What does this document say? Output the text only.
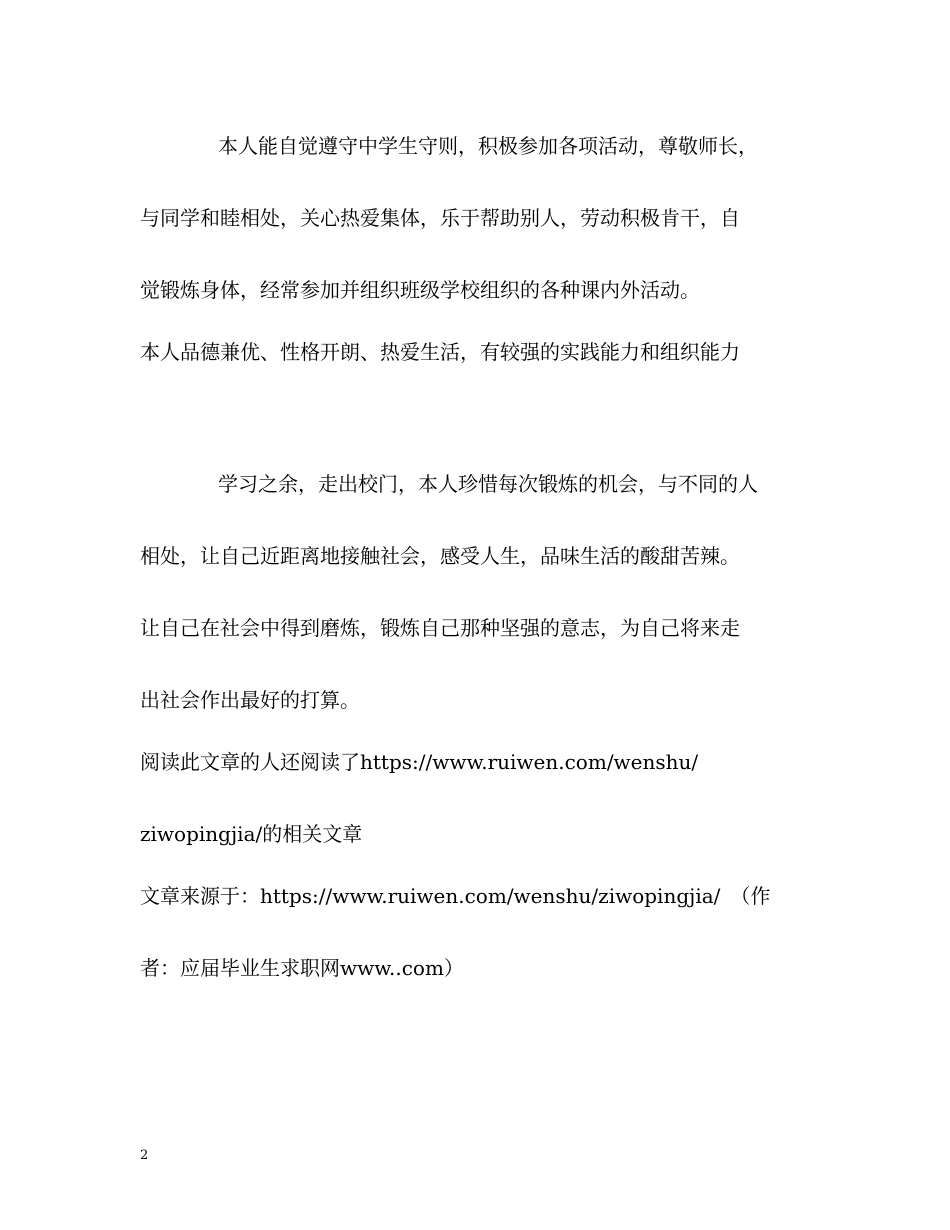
本人能自觉遵守中学生守则，积极参加各项活动，尊敬师长，
与同学和睦相处，关心热爱集体，乐于帮助别人，劳动积极肯干，自
觉锻炼身体，经常参加并组织班级学校组织的各种课内外活动。
本人品德兼优、性格开朗、热爱生活，有较强的实践能力和组织能力
学习之余，走出校门，本人珍惜每次锻炼的机会，与不同的人
相处，让自己近距离地接触社会，感受人生，品味生活的酸甜苦辣。
让自己在社会中得到磨炼，锻炼自己那种坚强的意志，为自己将来走
出社会作出最好的打算。
阅读此文章的人还阅读了https://www.ruiwen.com/wenshu/
ziwopingjia/的相关文章
文章来源于：https://www.ruiwen.com/wenshu/ziwopingjia/　（作
者：应届毕业生求职网www..com）
2
